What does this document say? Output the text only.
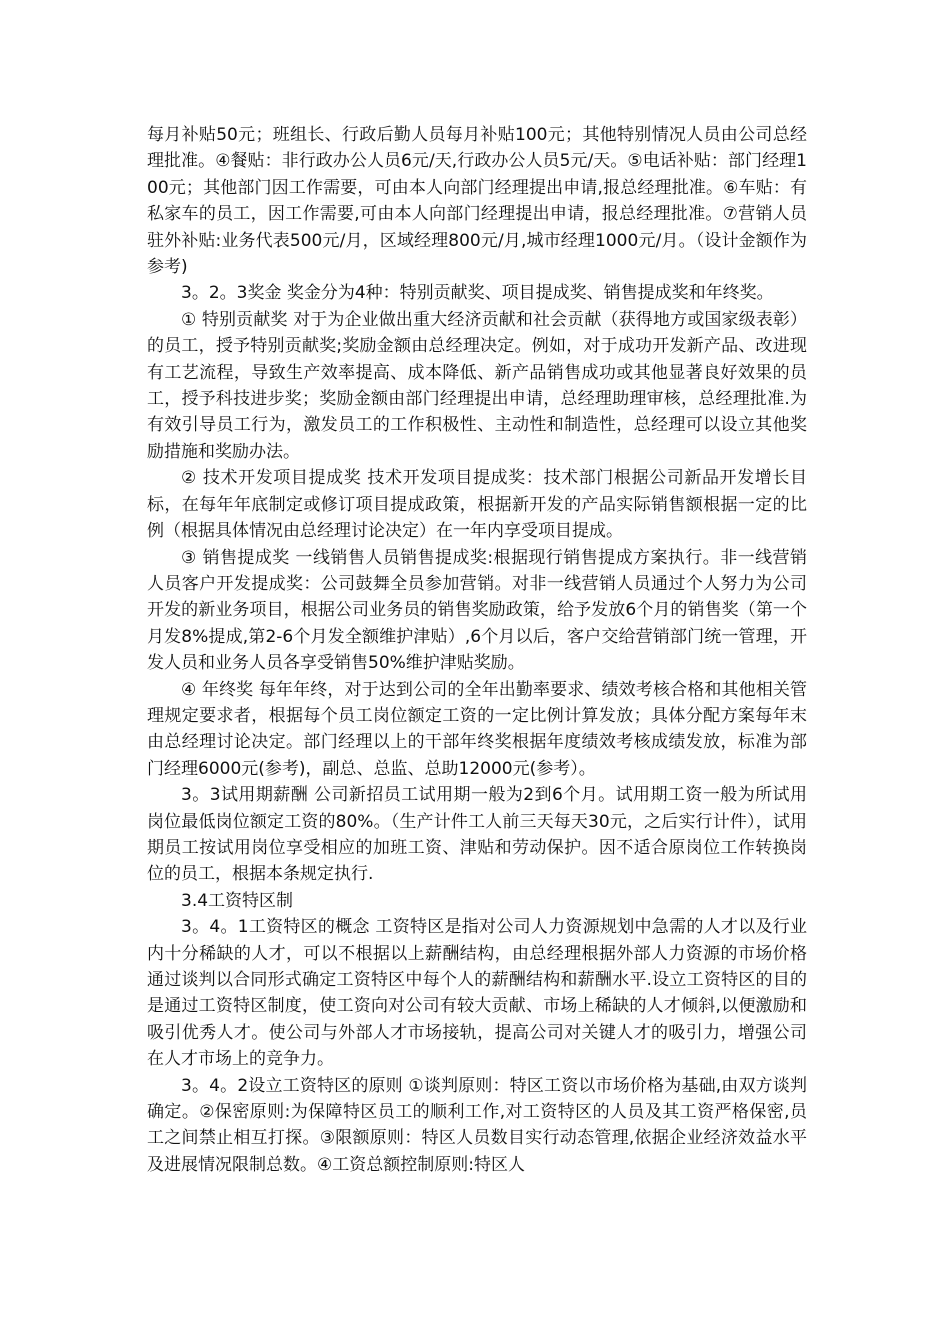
每月补贴50元；班组长、行政后勤人员每月补贴100元；其他特别情况人员由公司总经理批准。④餐贴：非行政办公人员6元/天,行政办公人员5元/天。⑤电话补贴：部门经理100元；其他部门因工作需要，可由本人向部门经理提出申请,报总经理批准。⑥车贴：有私家车的员工，因工作需要,可由本人向部门经理提出申请，报总经理批准。⑦营销人员驻外补贴:业务代表500元/月，区域经理800元/月,城市经理1000元/月。（设计金额作为参考)

3。2。3奖金 奖金分为4种：特别贡献奖、项目提成奖、销售提成奖和年终奖。

① 特别贡献奖 对于为企业做出重大经济贡献和社会贡献（获得地方或国家级表彰）的员工，授予特别贡献奖;奖励金额由总经理决定。例如，对于成功开发新产品、改进现有工艺流程，导致生产效率提高、成本降低、新产品销售成功或其他显著良好效果的员工，授予科技进步奖；奖励金额由部门经理提出申请，总经理助理审核，总经理批准.为有效引导员工行为，激发员工的工作积极性、主动性和制造性，总经理可以设立其他奖励措施和奖励办法。

② 技术开发项目提成奖 技术开发项目提成奖：技术部门根据公司新品开发增长目标，在每年年底制定或修订项目提成政策，根据新开发的产品实际销售额根据一定的比例（根据具体情况由总经理讨论决定）在一年内享受项目提成。

③ 销售提成奖 一线销售人员销售提成奖:根据现行销售提成方案执行。非一线营销人员客户开发提成奖：公司鼓舞全员参加营销。对非一线营销人员通过个人努力为公司开发的新业务项目，根据公司业务员的销售奖励政策，给予发放6个月的销售奖（第一个月发8%提成,第2-6个月发全额维护津贴）,6个月以后，客户交给营销部门统一管理，开发人员和业务人员各享受销售50%维护津贴奖励。

④ 年终奖 每年年终，对于达到公司的全年出勤率要求、绩效考核合格和其他相关管理规定要求者，根据每个员工岗位额定工资的一定比例计算发放；具体分配方案每年末由总经理讨论决定。部门经理以上的干部年终奖根据年度绩效考核成绩发放，标准为部门经理6000元(参考)，副总、总监、总助12000元(参考）。

3。3试用期薪酬 公司新招员工试用期一般为2到6个月。试用期工资一般为所试用岗位最低岗位额定工资的80%。（生产计件工人前三天每天30元，之后实行计件），试用期员工按试用岗位享受相应的加班工资、津贴和劳动保护。因不适合原岗位工作转换岗位的员工，根据本条规定执行.

3.4工资特区制

3。4。1工资特区的概念 工资特区是指对公司人力资源规划中急需的人才以及行业内十分稀缺的人才，可以不根据以上薪酬结构，由总经理根据外部人力资源的市场价格通过谈判以合同形式确定工资特区中每个人的薪酬结构和薪酬水平.设立工资特区的目的是通过工资特区制度，使工资向对公司有较大贡献、市场上稀缺的人才倾斜,以便激励和吸引优秀人才。使公司与外部人才市场接轨，提高公司对关键人才的吸引力，增强公司在人才市场上的竞争力。

3。4。2设立工资特区的原则 ①谈判原则：特区工资以市场价格为基础,由双方谈判确定。②保密原则:为保障特区员工的顺利工作,对工资特区的人员及其工资严格保密,员工之间禁止相互打探。③限额原则：特区人员数目实行动态管理,依据企业经济效益水平及进展情况限制总数。④工资总额控制原则:特区人
